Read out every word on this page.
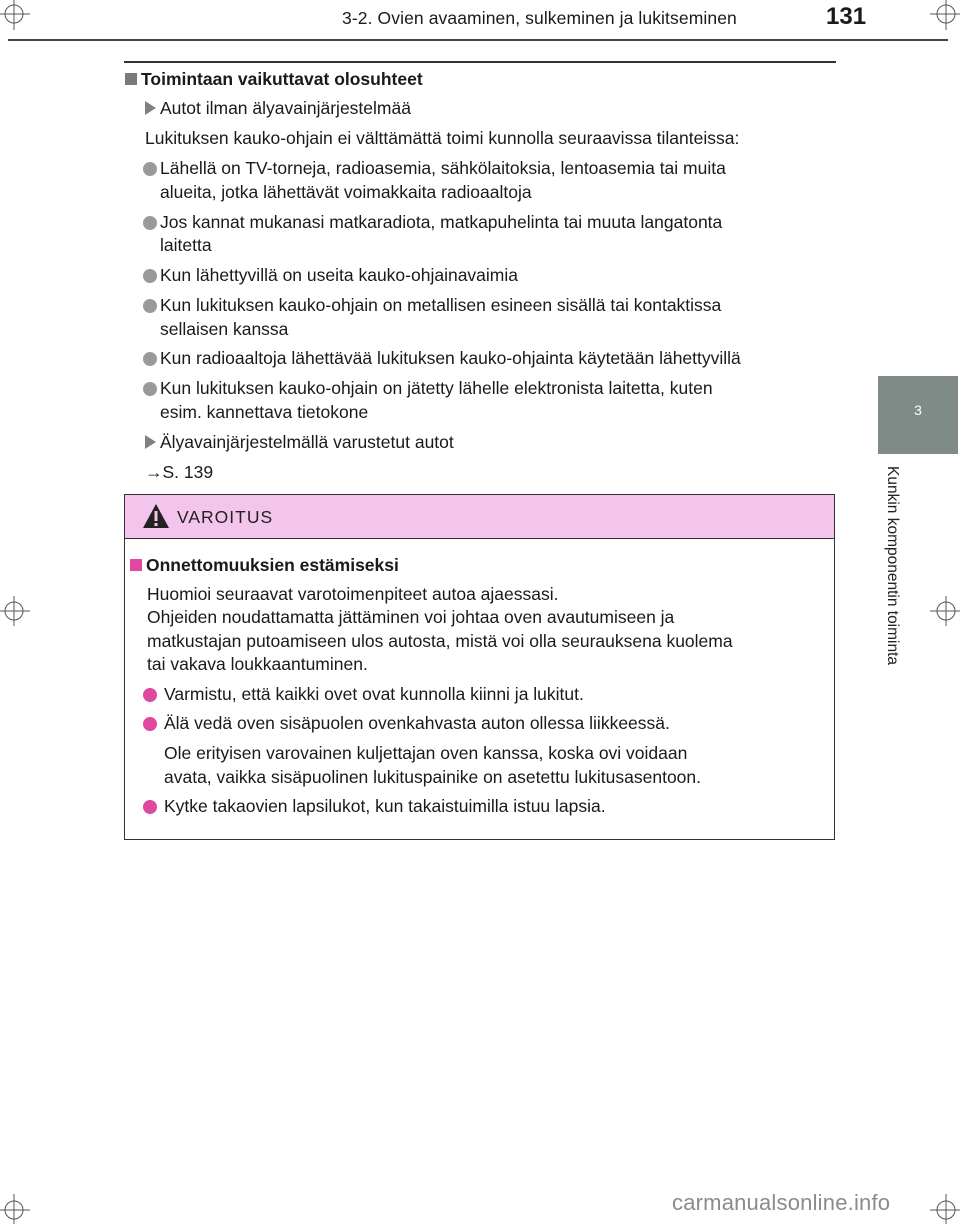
3-2. Ovien avaaminen, sulkeminen ja lukitseminen	131
3
Kunkin komponentin toiminta
Toimintaan vaikuttavat olosuhteet
Autot ilman älyavainjärjestelmää
Lukituksen kauko-ohjain ei välttämättä toimi kunnolla seuraavissa tilanteissa:
Lähellä on TV-torneja, radioasemia, sähkölaitoksia, lentoasemia tai muita
alueita, jotka lähettävät voimakkaita radioaaltoja
Jos kannat mukanasi matkaradiota, matkapuhelinta tai muuta langatonta
laitetta
Kun lähettyvillä on useita kauko-ohjainavaimia
Kun lukituksen kauko-ohjain on metallisen esineen sisällä tai kontaktissa
sellaisen kanssa
Kun radioaaltoja lähettävää lukituksen kauko-ohjainta käytetään lähettyvillä
Kun lukituksen kauko-ohjain on jätetty lähelle elektronista laitetta, kuten
esim. kannettava tietokone
Älyavainjärjestelmällä varustetut autot
→S. 139
VAROITUS
Onnettomuuksien estämiseksi
Huomioi seuraavat varotoimenpiteet autoa ajaessasi.
Ohjeiden noudattamatta jättäminen voi johtaa oven avautumiseen ja
matkustajan putoamiseen ulos autosta, mistä voi olla seurauksena kuolema
tai vakava loukkaantuminen.
Varmistu, että kaikki ovet ovat kunnolla kiinni ja lukitut.
Älä vedä oven sisäpuolen ovenkahvasta auton ollessa liikkeessä.
Ole erityisen varovainen kuljettajan oven kanssa, koska ovi voidaan
avata, vaikka sisäpuolinen lukituspainike on asetettu lukitusasentoon.
Kytke takaovien lapsilukot, kun takaistuimilla istuu lapsia.
carmanualsonline.info
